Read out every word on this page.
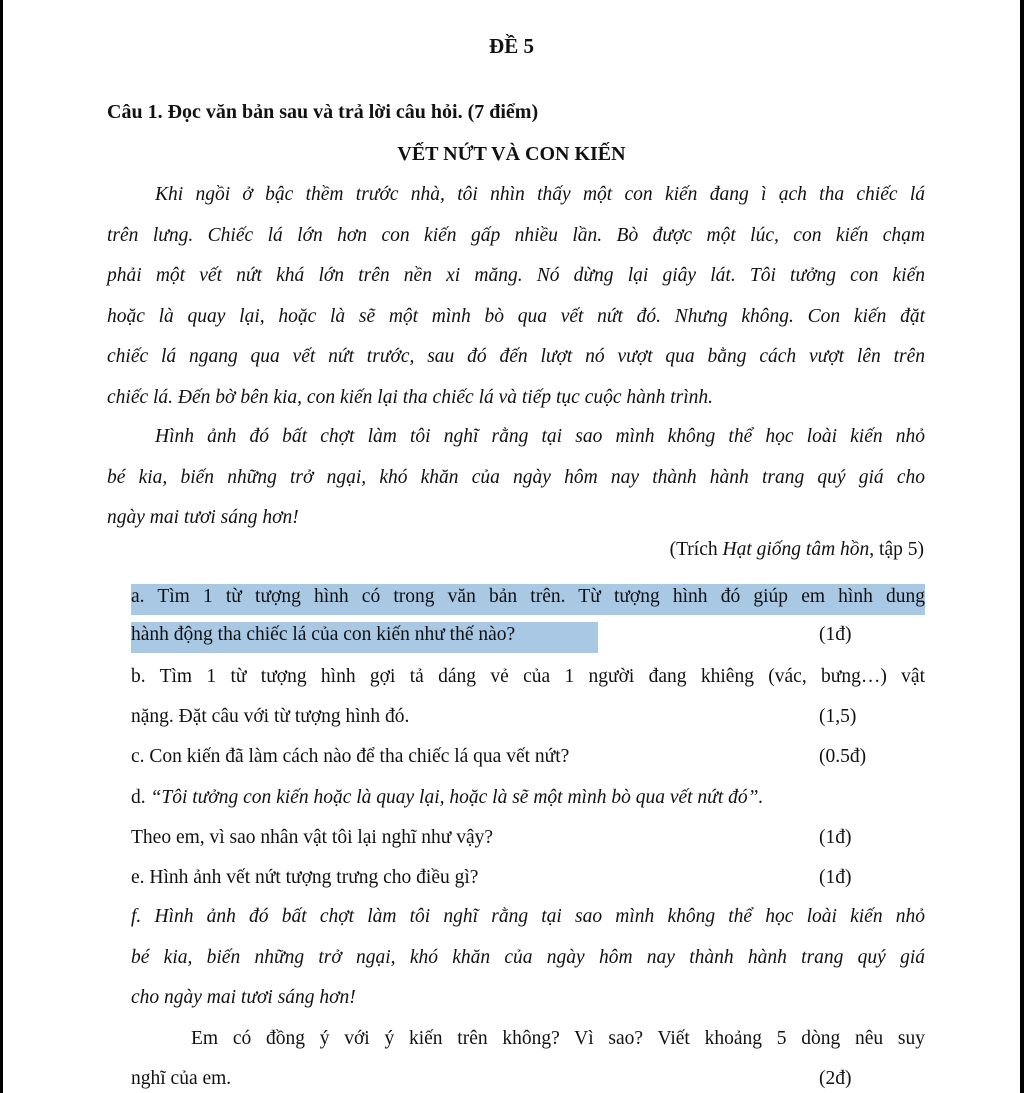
ĐỀ 5
Câu 1. Đọc văn bản sau và trả lời câu hỏi. (7 điểm)
VẾT NỨT VÀ CON KIẾN
Khi ngồi ở bậc thềm trước nhà, tôi nhìn thấy một con kiến đang ì ạch tha chiếc lá
trên lưng. Chiếc lá lớn hơn con kiến gấp nhiều lần. Bò được một lúc, con kiến chạm
phải một vết nứt khá lớn trên nền xi măng. Nó dừng lại giây lát. Tôi tưởng con kiến
hoặc là quay lại, hoặc là sẽ một mình bò qua vết nứt đó. Nhưng không. Con kiến đặt
chiếc lá ngang qua vết nứt trước, sau đó đến lượt nó vượt qua bằng cách vượt lên trên
chiếc lá. Đến bờ bên kia, con kiến lại tha chiếc lá và tiếp tục cuộc hành trình.
Hình ảnh đó bất chợt làm tôi nghĩ rằng tại sao mình không thể học loài kiến nhỏ
bé kia, biến những trở ngại, khó khăn của ngày hôm nay thành hành trang quý giá cho
ngày mai tươi sáng hơn!
(Trích Hạt giống tâm hồn, tập 5)
a. Tìm 1 từ tượng hình có trong văn bản trên. Từ tượng hình đó giúp em hình dung
hành động tha chiếc lá của con kiến như thế nào?	(1đ)
b. Tìm 1 từ tượng hình gợi tả dáng vẻ của 1 người đang khiêng (vác, bưng…) vật
nặng. Đặt câu với từ tượng hình đó.	(1,5)
c. Con kiến đã làm cách nào để tha chiếc lá qua vết nứt?	(0.5đ)
d. “Tôi tưởng con kiến hoặc là quay lại, hoặc là sẽ một mình bò qua vết nứt đó”.
Theo em, vì sao nhân vật tôi lại nghĩ như vậy?	(1đ)
e. Hình ảnh vết nứt tượng trưng cho điều gì?	(1đ)
f. Hình ảnh đó bất chợt làm tôi nghĩ rằng tại sao mình không thể học loài kiến nhỏ
bé kia, biến những trở ngại, khó khăn của ngày hôm nay thành hành trang quý giá
cho ngày mai tươi sáng hơn!
Em có đồng ý với ý kiến trên không? Vì sao? Viết khoảng 5 dòng nêu suy
nghĩ của em.	(2đ)
